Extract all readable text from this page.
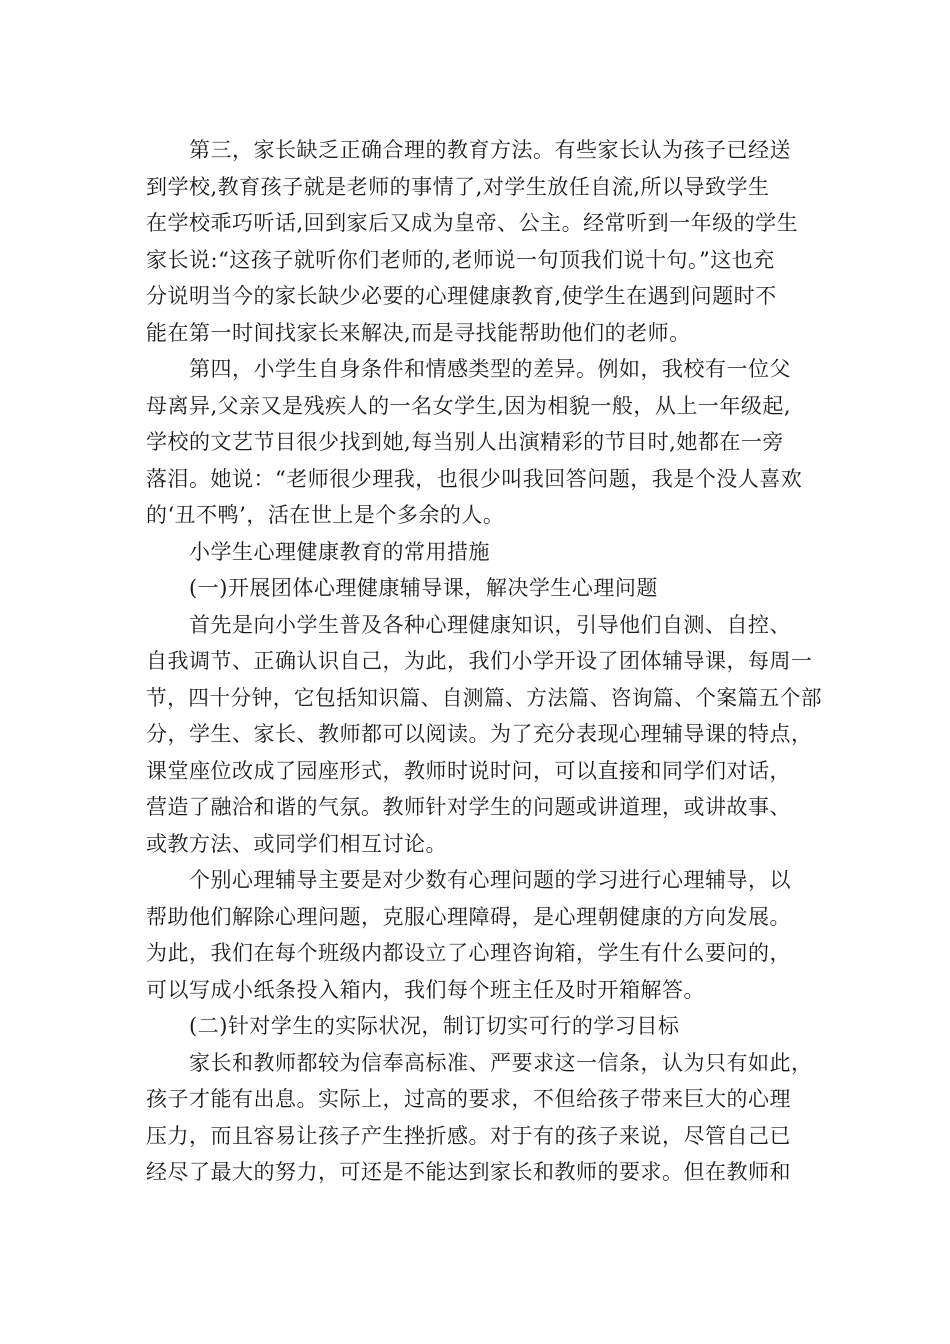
第三，家长缺乏正确合理的教育方法。有些家长认为孩子已经送
到学校,教育孩子就是老师的事情了,对学生放任自流,所以导致学生
在学校乖巧听话,回到家后又成为皇帝、公主。经常听到一年级的学生
家长说:“这孩子就听你们老师的,老师说一句顶我们说十句。”这也充
分说明当今的家长缺少必要的心理健康教育,使学生在遇到问题时不
能在第一时间找家长来解决,而是寻找能帮助他们的老师。
第四，小学生自身条件和情感类型的差异。例如，我校有一位父
母离异,父亲又是残疾人的一名女学生,因为相貌一般，从上一年级起,
学校的文艺节目很少找到她,每当别人出演精彩的节目时,她都在一旁
落泪。她说：“老师很少理我，也很少叫我回答问题，我是个没人喜欢
的‘丑不鸭’，活在世上是个多余的人。
小学生心理健康教育的常用措施
(一)开展团体心理健康辅导课，解决学生心理问题
首先是向小学生普及各种心理健康知识，引导他们自测、自控、
自我调节、正确认识自己，为此，我们小学开设了团体辅导课，每周一
节，四十分钟，它包括知识篇、自测篇、方法篇、咨询篇、个案篇五个部
分，学生、家长、教师都可以阅读。为了充分表现心理辅导课的特点，
课堂座位改成了园座形式，教师时说时问，可以直接和同学们对话，
营造了融洽和谐的气氛。教师针对学生的问题或讲道理，或讲故事、
或教方法、或同学们相互讨论。
个别心理辅导主要是对少数有心理问题的学习进行心理辅导，以
帮助他们解除心理问题，克服心理障碍，是心理朝健康的方向发展。
为此，我们在每个班级内都设立了心理咨询箱，学生有什么要问的，
可以写成小纸条投入箱内，我们每个班主任及时开箱解答。
(二)针对学生的实际状况，制订切实可行的学习目标
家长和教师都较为信奉高标准、严要求这一信条，认为只有如此，
孩子才能有出息。实际上，过高的要求，不但给孩子带来巨大的心理
压力，而且容易让孩子产生挫折感。对于有的孩子来说，尽管自己已
经尽了最大的努力，可还是不能达到家长和教师的要求。但在教师和
